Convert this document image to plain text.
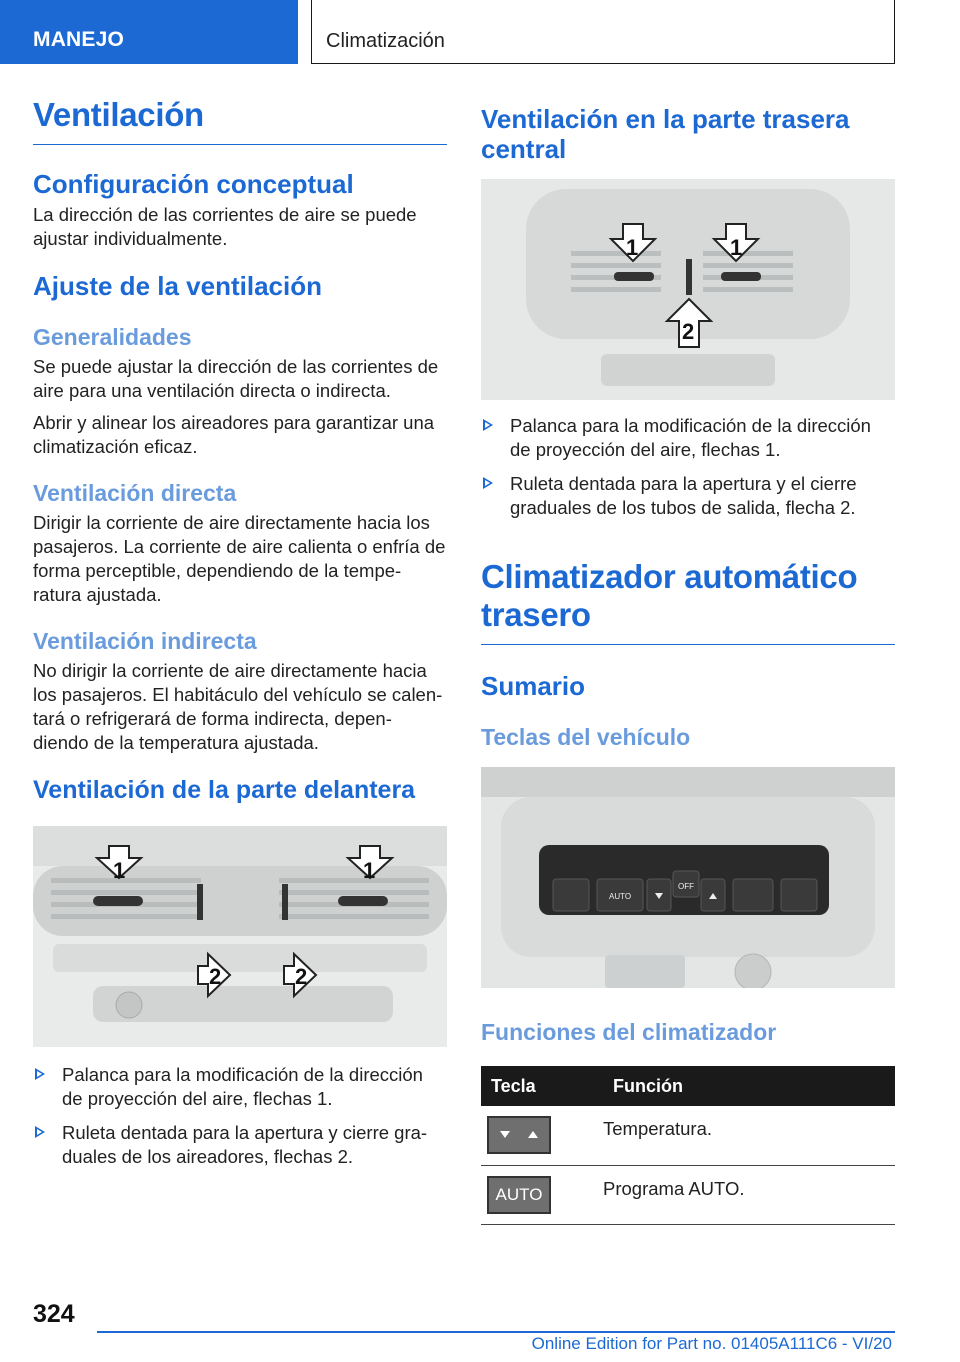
MANEJO	Climatización
Ventilación
Configuración conceptual

La dirección de las corrientes de aire se puede ajustar individualmente.

Ajuste de la ventilación
Generalidades

Se puede ajustar la dirección de las corrientes de aire para una ventilación directa o indirecta.

Abrir y alinear los aireadores para garantizar una climatización eficaz.

Ventilación directa

Dirigir la corriente de aire directamente hacia los pasajeros. La corriente de aire calienta o enfría de forma perceptible, dependiendo de la tempe-ratura ajustada.

Ventilación indirecta

No dirigir la corriente de aire directamente hacia los pasajeros. El habitáculo del vehículo se calen-tará o refrigerará de forma indirecta, depen-diendo de la temperatura ajustada.

Ventilación de la parte delantera
1	1
2	2
Palanca para la modificación de la dirección de proyección del aire, flechas 1.
Ruleta dentada para la apertura y cierre gra-duales de los aireadores, flechas 2.
Ventilación en la parte trasera central
1	1
2
Palanca para la modificación de la dirección de proyección del aire, flechas 1.
Ruleta dentada para la apertura y el cierre graduales de los tubos de salida, flecha 2.
Climatizador automático trasero
Sumario
Teclas del vehículo
AUTO
OFF
Funciones del climatizador
Tecla	Función

	Temperatura.

AUTO	Programa AUTO.
324
Online Edition for Part no. 01405A111C6 - VI/20
